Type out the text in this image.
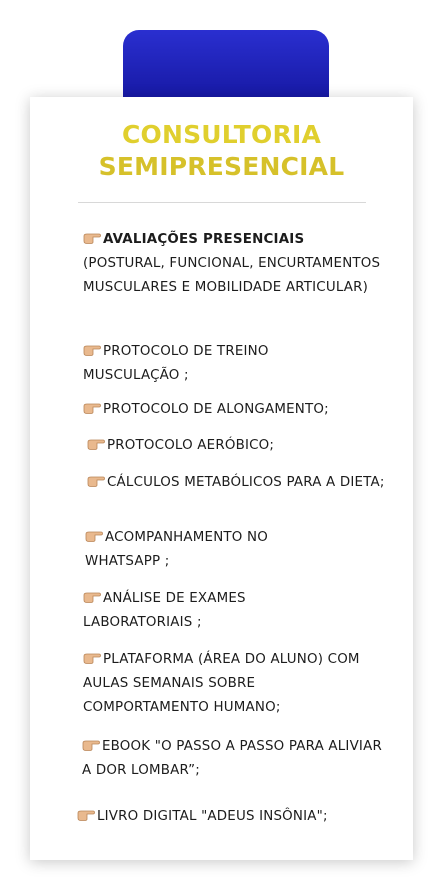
CONSULTORIA
SEMIPRESENCIAL
AVALIAÇÕES PRESENCIAIS
(POSTURAL, FUNCIONAL, ENCURTAMENTOS MUSCULARES E MOBILIDADE ARTICULAR)
PROTOCOLO DE TREINO MUSCULAÇÃO ;
PROTOCOLO DE ALONGAMENTO;
PROTOCOLO AERÓBICO;
CÁLCULOS METABÓLICOS PARA A DIETA;
ACOMPANHAMENTO NO WHATSAPP ;
ANÁLISE DE EXAMES LABORATORIAIS ;
PLATAFORMA (ÁREA DO ALUNO) COM AULAS SEMANAIS SOBRE COMPORTAMENTO HUMANO;
EBOOK "O PASSO A PASSO PARA ALIVIAR A DOR LOMBAR”;
LIVRO DIGITAL "ADEUS INSÔNIA";
